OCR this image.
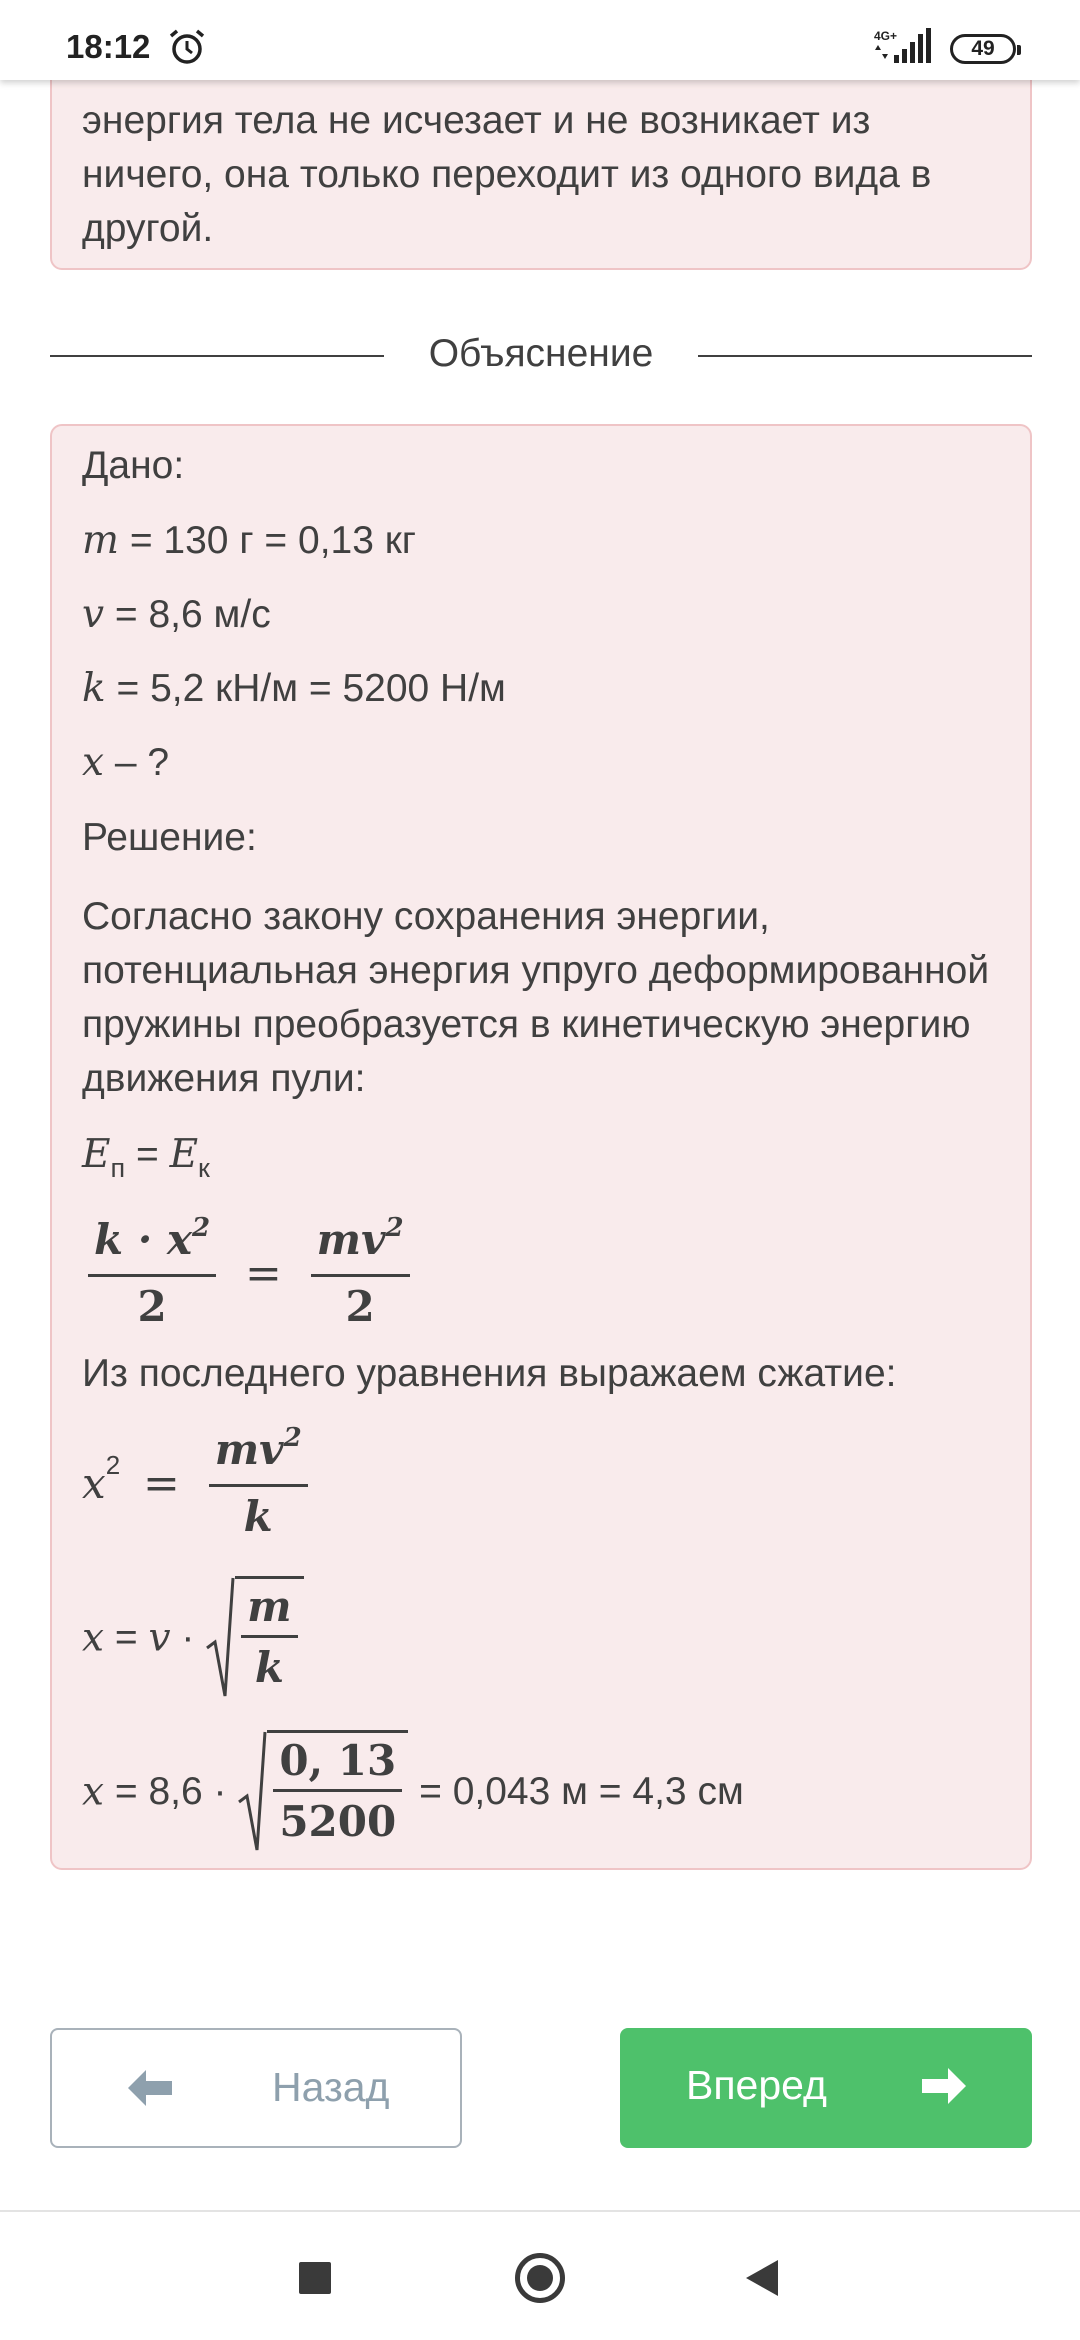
энергия тела не исчезает и не возникает из ничего, она только переходит из одного вида в другой.
Объяснение
Дано:
m = 130 г = 0,13 кг
v = 8,6 м/с
k = 5,2 кН/м = 5200 Н/м
x – ?
Решение:
Согласно закону сохранения энергии, потенциальная энергия упруго деформированной пружины преобразуется в кинетическую энергию движения пули:
$E_п = E_к$
$\frac{k \cdot x^2}{2} = \frac{mv^2}{2}$
Из последнего уравнения выражаем сжатие:
$x^2 = \frac{mv^2}{k}$
$x = v \cdot \frac{m}{k}$
$x = 8,6 \cdot \frac{0, 13}{5200} = 0,043$ м = 4,3 см
Назад	Вперед
18:12	4G+
49
